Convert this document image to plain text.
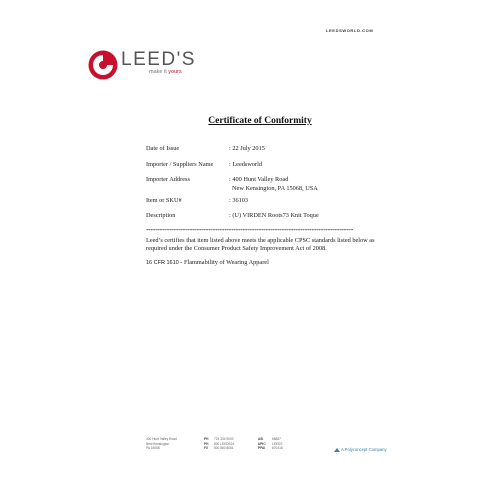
LEEDSWORLD.COM
LEED'S
make it yours
Certificate of Conformity
Date of Issue	: 22 July 2015
Importer / Suppliers Name : Leedsworld
Importer Address	: 400 Hunt Valley Road
New Kensington, PA 15068, USA
Item or SKU#	: 36103
Description	: (U) VIRDEN Roots73 Knit Toque
******************************************************************************************
Leed’s certifies that item listed above meets the applicable CPSC standards listed below as required under the Consumer Product Safety Improvement Act of 2008.
16 CFR 1610 - Flammability of Wearing Apparel
400 Hunt Valley Road
New Kensington
PA 15068
PH 724 334 9000
PH 800 LEEDS24
FX 800 860 6661
ASI	66887
UPIC LEEDS
PPAI 870418	A Polyconcept Company
